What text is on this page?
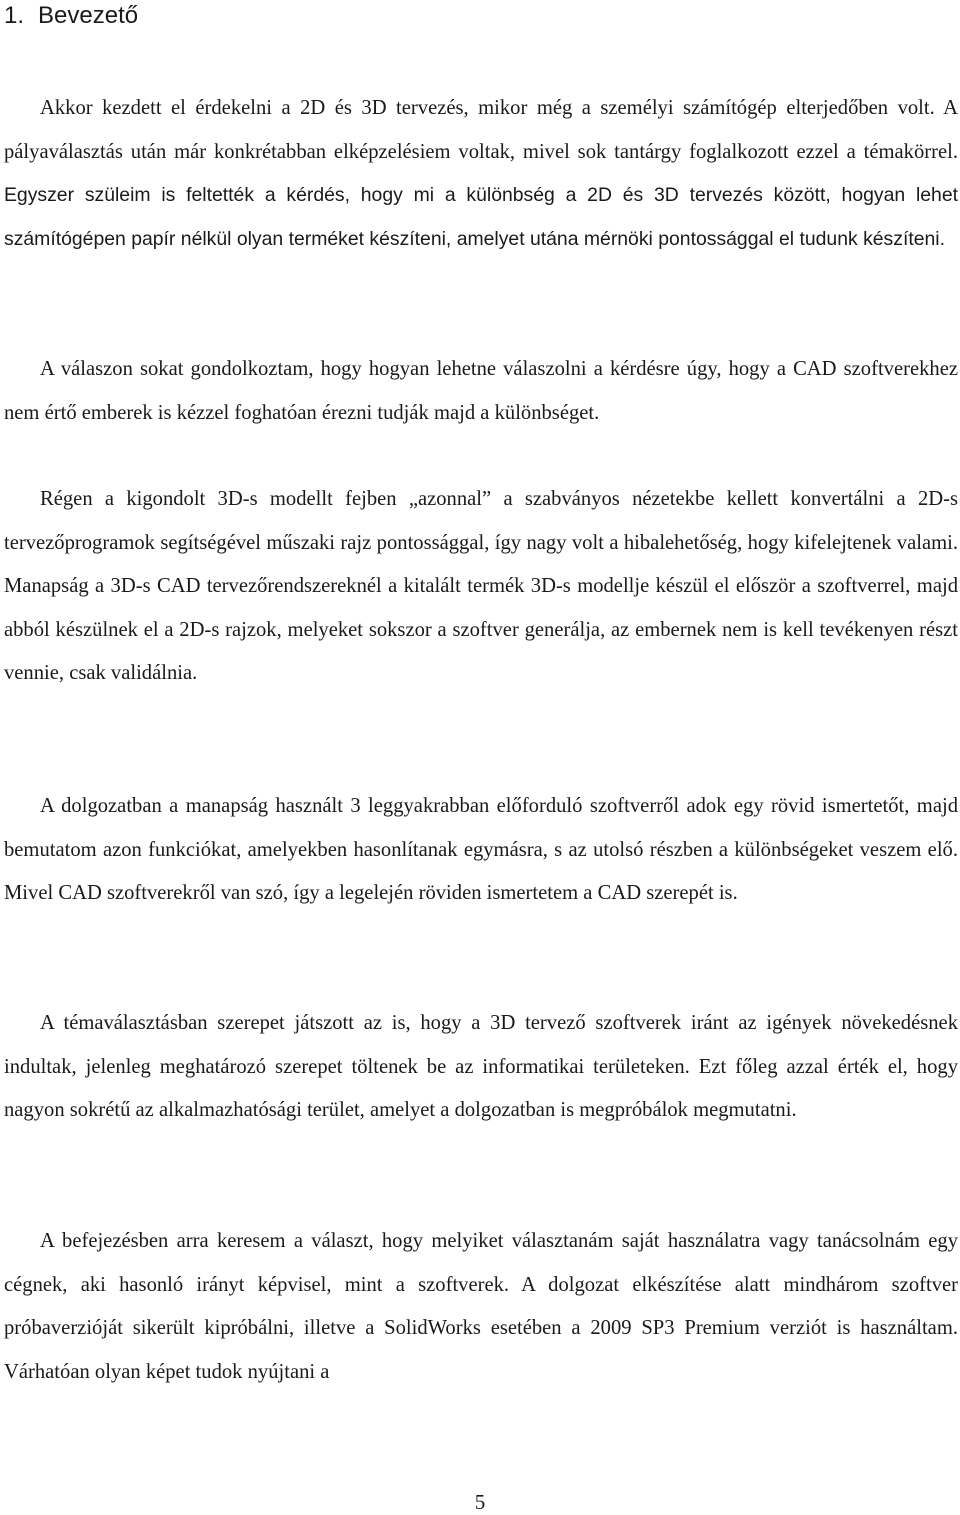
1. Bevezető

Akkor kezdett el érdekelni a 2D és 3D tervezés, mikor még a személyi számítógép elterjedőben volt. A pályaválasztás után már konkrétabban elképzelésiem voltak, mivel sok tantárgy foglalkozott ezzel a témakörrel. Egyszer szüleim is feltették a kérdés, hogy mi a különbség a 2D és 3D tervezés között, hogyan lehet számítógépen papír nélkül olyan terméket készíteni, amelyet utána mérnöki pontossággal el tudunk készíteni.

A válaszon sokat gondolkoztam, hogy hogyan lehetne válaszolni a kérdésre úgy, hogy a CAD szoftverekhez nem értő emberek is kézzel foghatóan érezni tudják majd a különbséget.

Régen a kigondolt 3D-s modellt fejben „azonnal” a szabványos nézetekbe kellett konvertálni a 2D-s tervezőprogramok segítségével műszaki rajz pontossággal, így nagy volt a hibalehetőség, hogy kifelejtenek valami. Manapság a 3D-s CAD tervezőrendszereknél a kitalált termék 3D-s modellje készül el először a szoftverrel, majd abból készülnek el a 2D-s rajzok, melyeket sokszor a szoftver generálja, az embernek nem is kell tevékenyen részt vennie, csak validálnia.

A dolgozatban a manapság használt 3 leggyakrabban előforduló szoftverről adok egy rövid ismertetőt, majd bemutatom azon funkciókat, amelyekben hasonlítanak egymásra, s az utolsó részben a különbségeket veszem elő. Mivel CAD szoftverekről van szó, így a legelején röviden ismertetem a CAD szerepét is.

A témaválasztásban szerepet játszott az is, hogy a 3D tervező szoftverek iránt az igények növekedésnek indultak, jelenleg meghatározó szerepet töltenek be az informatikai területeken. Ezt főleg azzal érték el, hogy nagyon sokrétű az alkalmazhatósági terület, amelyet a dolgozatban is megpróbálok megmutatni.

A befejezésben arra keresem a választ, hogy melyiket választanám saját használatra vagy tanácsolnám egy cégnek, aki hasonló irányt képvisel, mint a szoftverek. A dolgozat elkészítése alatt mindhárom szoftver próbaverzióját sikerült kipróbálni, illetve a SolidWorks esetében a 2009 SP3 Premium verziót is használtam. Várhatóan olyan képet tudok nyújtani a

5
